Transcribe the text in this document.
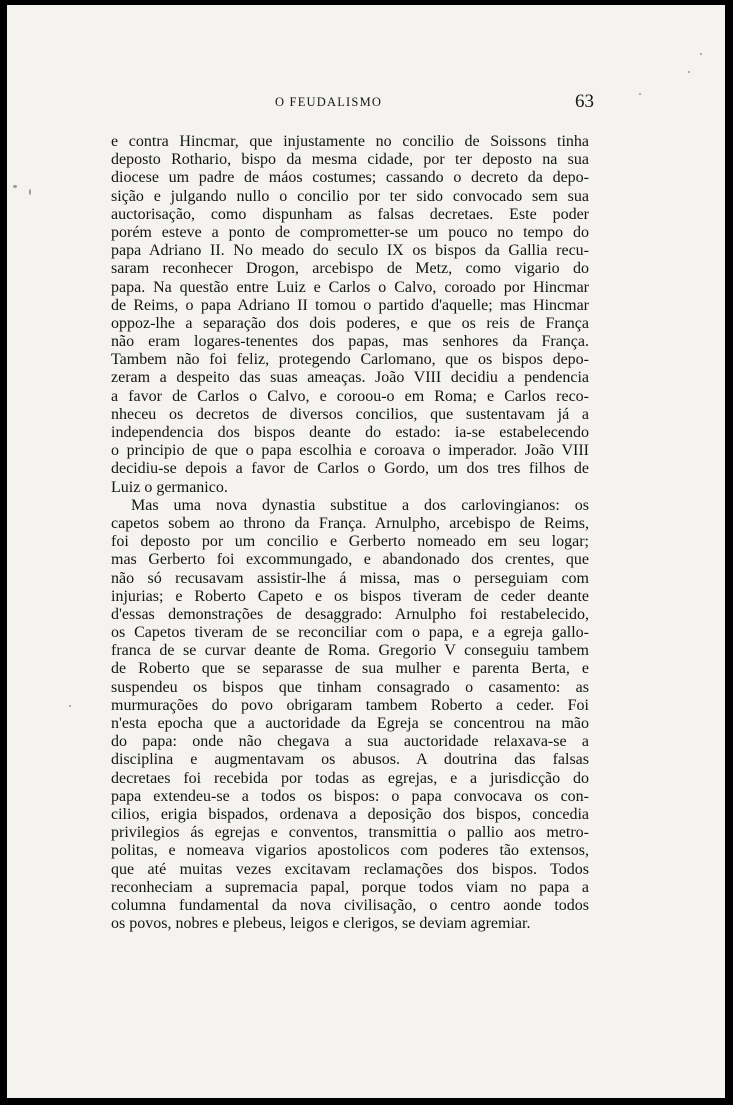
O FEUDALISMO	63
e contra Hincmar, que injustamente no concilio de Soissons tinha
deposto Rothario, bispo da mesma cidade, por ter deposto na sua
diocese um padre de máos costumes; cassando o decreto da depo-
sição e julgando nullo o concilio por ter sido convocado sem sua
auctorisação, como dispunham as falsas decretaes. Este poder
porém esteve a ponto de comprometter-se um pouco no tempo do
papa Adriano II. No meado do seculo IX os bispos da Gallia recu-
saram reconhecer Drogon, arcebispo de Metz, como vigario do
papa. Na questão entre Luiz e Carlos o Calvo, coroado por Hincmar
de Reims, o papa Adriano II tomou o partido d'aquelle; mas Hincmar
oppoz-lhe a separação dos dois poderes, e que os reis de França
não eram logares-tenentes dos papas, mas senhores da França.
Tambem não foi feliz, protegendo Carlomano, que os bispos depo-
zeram a despeito das suas ameaças. João VIII decidiu a pendencia
a favor de Carlos o Calvo, e coroou-o em Roma; e Carlos reco-
nheceu os decretos de diversos concilios, que sustentavam já a
independencia dos bispos deante do estado: ia-se estabelecendo
o principio de que o papa escolhia e coroava o imperador. João VIII
decidiu-se depois a favor de Carlos o Gordo, um dos tres filhos de
Luiz o germanico.
Mas uma nova dynastia substitue a dos carlovingianos: os
capetos sobem ao throno da França. Arnulpho, arcebispo de Reims,
foi deposto por um concilio e Gerberto nomeado em seu logar;
mas Gerberto foi excommungado, e abandonado dos crentes, que
não só recusavam assistir-lhe á missa, mas o perseguiam com
injurias; e Roberto Capeto e os bispos tiveram de ceder deante
d'essas demonstrações de desaggrado: Arnulpho foi restabelecido,
os Capetos tiveram de se reconciliar com o papa, e a egreja gallo-
franca de se curvar deante de Roma. Gregorio V conseguiu tambem
de Roberto que se separasse de sua mulher e parenta Berta, e
suspendeu os bispos que tinham consagrado o casamento: as
murmurações do povo obrigaram tambem Roberto a ceder. Foi
n'esta epocha que a auctoridade da Egreja se concentrou na mão
do papa: onde não chegava a sua auctoridade relaxava-se a
disciplina e augmentavam os abusos. A doutrina das falsas
decretaes foi recebida por todas as egrejas, e a jurisdicção do
papa extendeu-se a todos os bispos: o papa convocava os con-
cilios, erigia bispados, ordenava a deposição dos bispos, concedia
privilegios ás egrejas e conventos, transmittia o pallio aos metro-
politas, e nomeava vigarios apostolicos com poderes tão extensos,
que até muitas vezes excitavam reclamações dos bispos. Todos
reconheciam a supremacia papal, porque todos viam no papa a
columna fundamental da nova civilisação, o centro aonde todos
os povos, nobres e plebeus, leigos e clerigos, se deviam agremiar.
